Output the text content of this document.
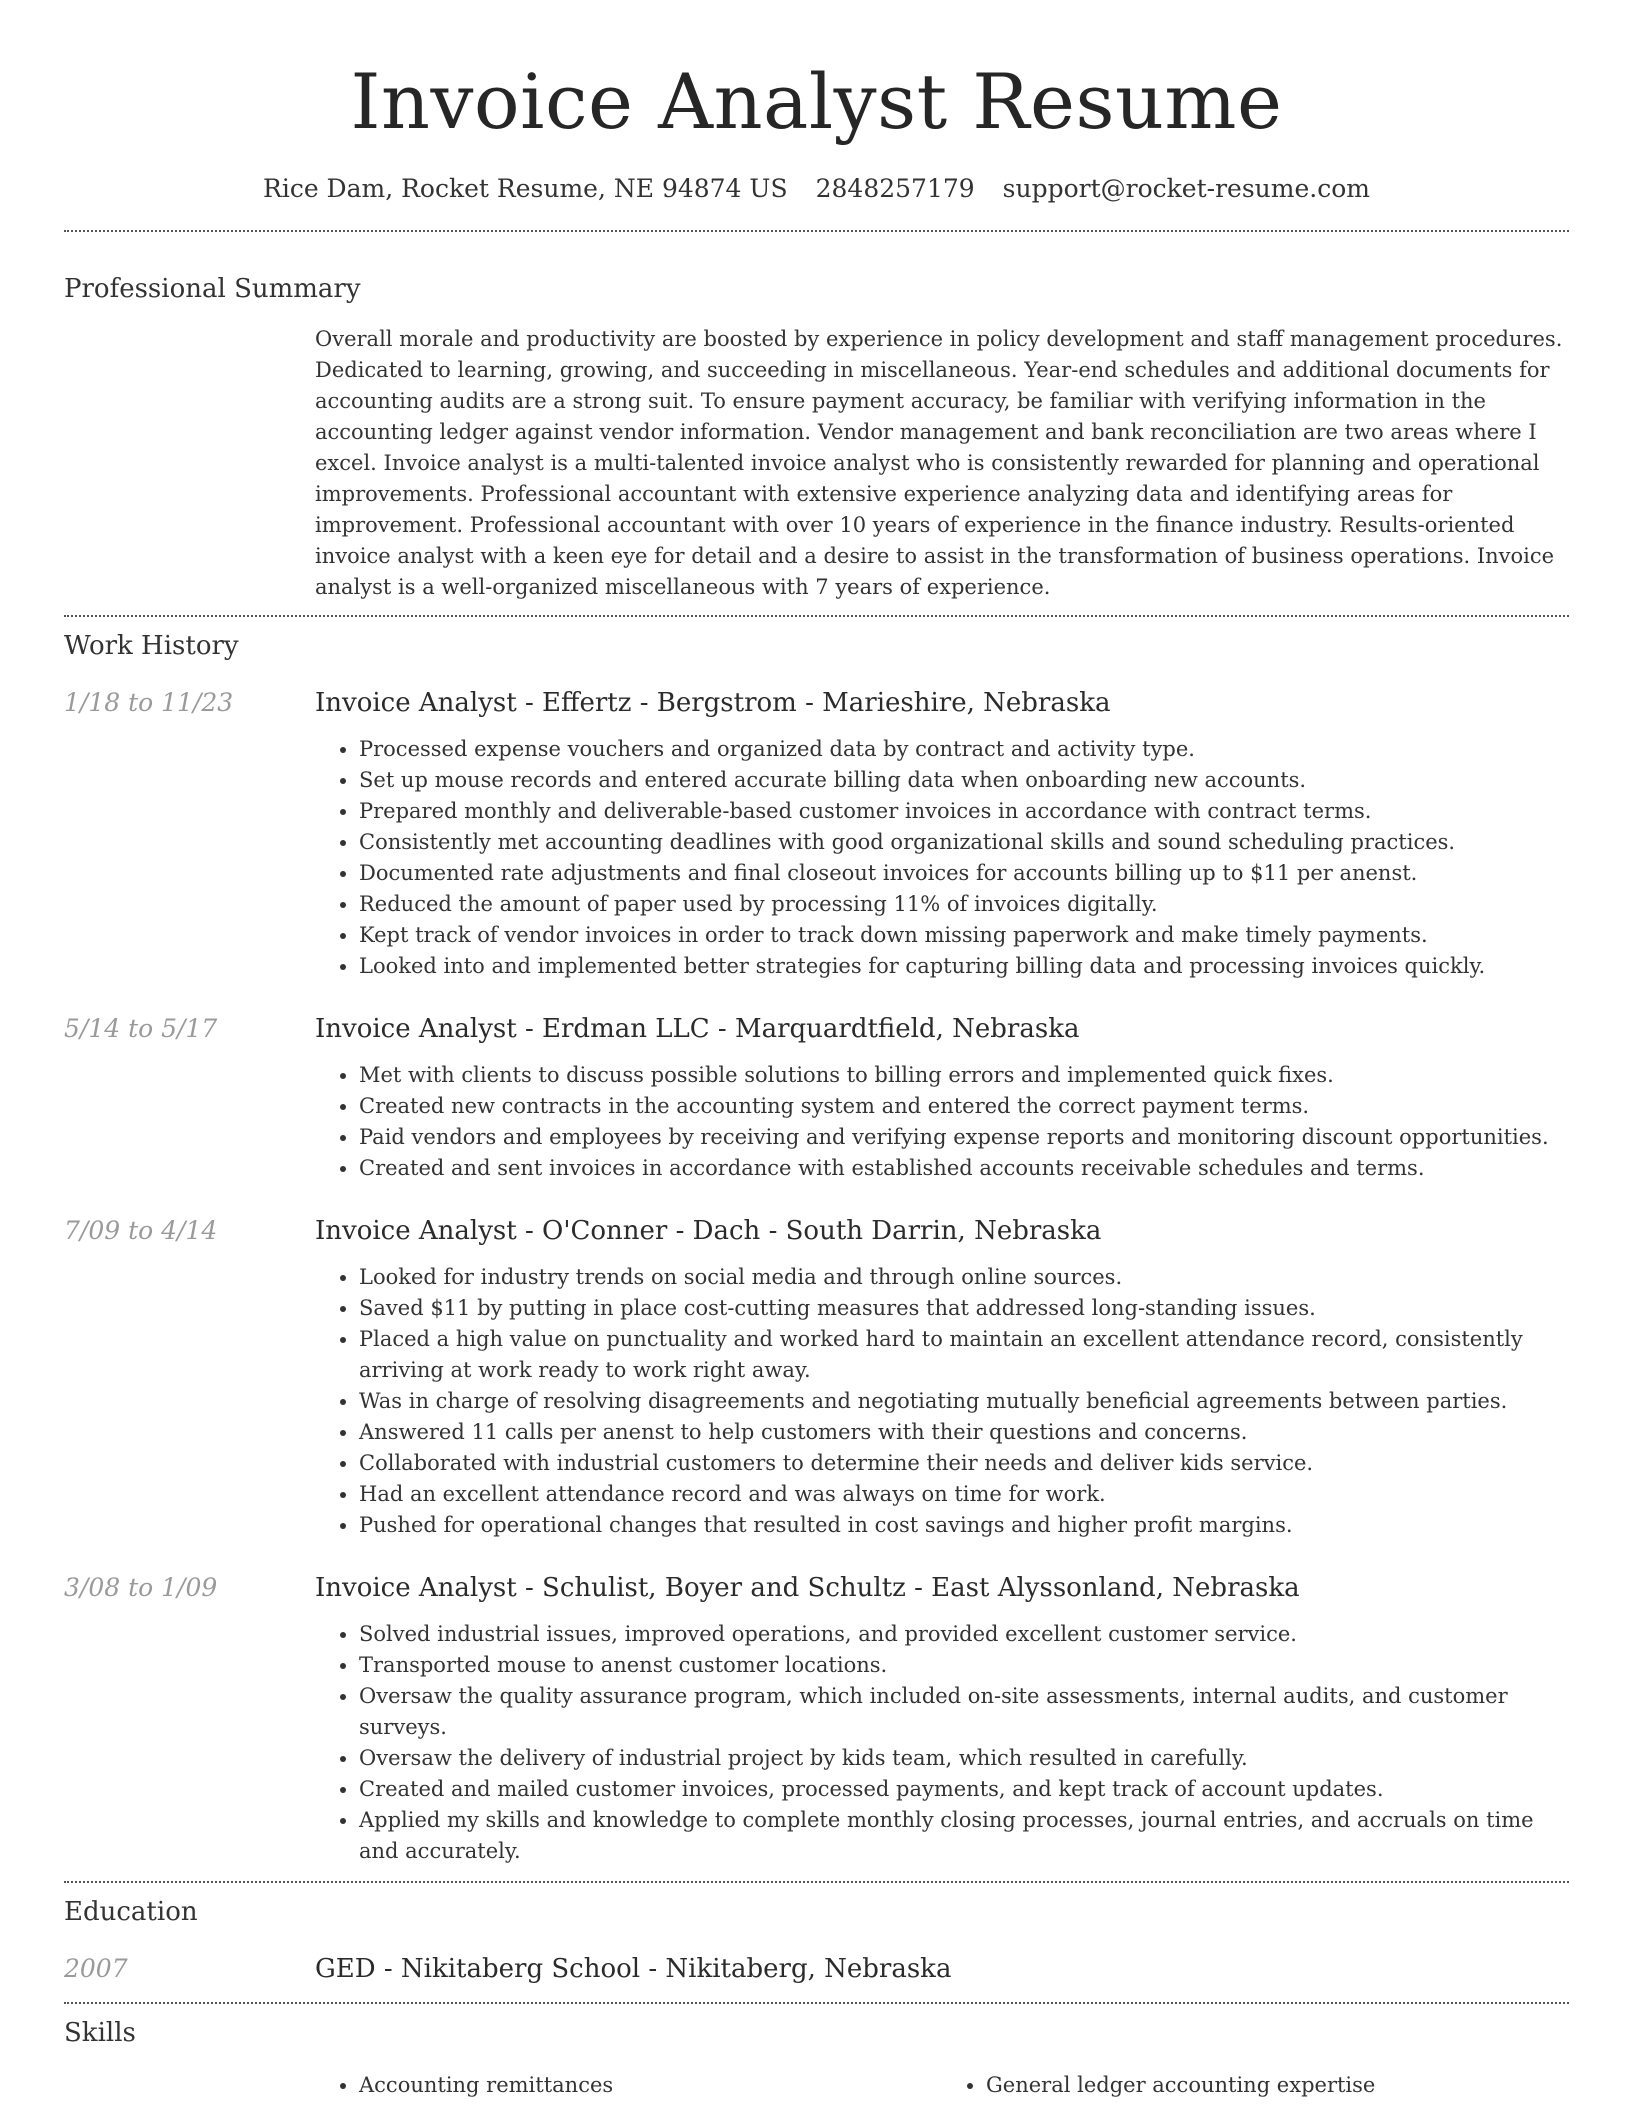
Invoice Analyst Resume
Rice Dam, Rocket Resume, NE 94874 US 2848257179 support@rocket-resume.com
Professional Summary

Overall morale and productivity are boosted by experience in policy development and staff management procedures. Dedicated to learning, growing, and succeeding in miscellaneous. Year-end schedules and additional documents for accounting audits are a strong suit. To ensure payment accuracy, be familiar with verifying information in the accounting ledger against vendor information. Vendor management and bank reconciliation are two areas where I excel. Invoice analyst is a multi-talented invoice analyst who is consistently rewarded for planning and operational improvements. Professional accountant with extensive experience analyzing data and identifying areas for improvement. Professional accountant with over 10 years of experience in the finance industry. Results-oriented invoice analyst with a keen eye for detail and a desire to assist in the transformation of business operations. Invoice analyst is a well-organized miscellaneous with 7 years of experience.

Work History
1/18 to 11/23	Invoice Analyst - Effertz - Bergstrom - Marieshire, Nebraska
• Processed expense vouchers and organized data by contract and activity type.
• Set up mouse records and entered accurate billing data when onboarding new accounts.
• Prepared monthly and deliverable-based customer invoices in accordance with contract terms.
• Consistently met accounting deadlines with good organizational skills and sound scheduling practices.
• Documented rate adjustments and final closeout invoices for accounts billing up to $11 per anenst.
• Reduced the amount of paper used by processing 11% of invoices digitally.
• Kept track of vendor invoices in order to track down missing paperwork and make timely payments.
• Looked into and implemented better strategies for capturing billing data and processing invoices quickly.
5/14 to 5/17	Invoice Analyst - Erdman LLC - Marquardtfield, Nebraska
• Met with clients to discuss possible solutions to billing errors and implemented quick fixes.
• Created new contracts in the accounting system and entered the correct payment terms.
• Paid vendors and employees by receiving and verifying expense reports and monitoring discount opportunities.
• Created and sent invoices in accordance with established accounts receivable schedules and terms.
7/09 to 4/14	Invoice Analyst - O'Conner - Dach - South Darrin, Nebraska
• Looked for industry trends on social media and through online sources.
• Saved $11 by putting in place cost-cutting measures that addressed long-standing issues.
• Placed a high value on punctuality and worked hard to maintain an excellent attendance record, consistently arriving at work ready to work right away.
• Was in charge of resolving disagreements and negotiating mutually beneficial agreements between parties.
• Answered 11 calls per anenst to help customers with their questions and concerns.
• Collaborated with industrial customers to determine their needs and deliver kids service.
• Had an excellent attendance record and was always on time for work.
• Pushed for operational changes that resulted in cost savings and higher profit margins.
3/08 to 1/09	Invoice Analyst - Schulist, Boyer and Schultz - East Alyssonland, Nebraska
• Solved industrial issues, improved operations, and provided excellent customer service.
• Transported mouse to anenst customer locations.
• Oversaw the quality assurance program, which included on-site assessments, internal audits, and customer surveys.
• Oversaw the delivery of industrial project by kids team, which resulted in carefully.
• Created and mailed customer invoices, processed payments, and kept track of account updates.
• Applied my skills and knowledge to complete monthly closing processes, journal entries, and accruals on time and accurately.
Education
2007	GED - Nikitaberg School - Nikitaberg, Nebraska
Skills
• Accounting remittances
•	General ledger accounting expertise
